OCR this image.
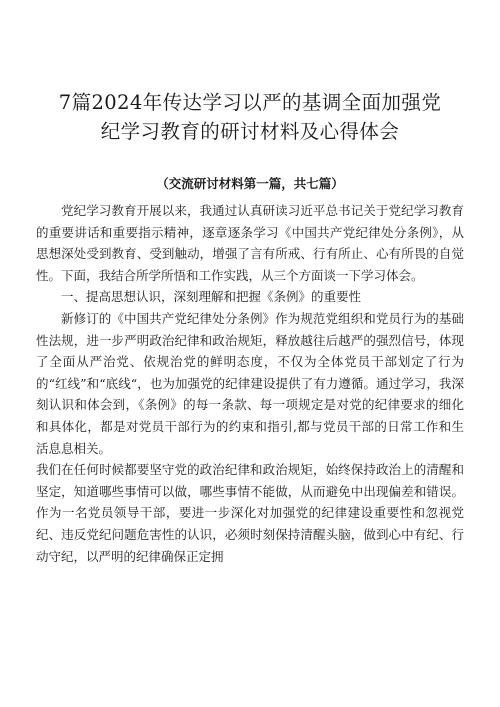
7篇2024年传达学习以严的基调全面加强党
纪学习教育的研讨材料及心得体会
（交流研讨材料第一篇，共七篇）

党纪学习教育开展以来，我通过认真研读习近平总书记关于党纪学习教育的重要讲话和重要指示精神，逐章逐条学习《中国共产党纪律处分条例》，从思想深处受到教育、受到触动，增强了言有所戒、行有所止、心有所畏的自觉性。下面，我结合所学所悟和工作实践，从三个方面谈一下学习体会。

一、提高思想认识，深刻理解和把握《条例》的重要性

新修订的《中国共产党纪律处分条例》作为规范党组织和党员行为的基础性法规，进一步严明政治纪律和政治规矩，释放越往后越严的强烈信号，体现了全面从严治党、依规治党的鲜明态度，不仅为全体党员干部划定了行为的“红线”和“底线“，也为加强党的纪律建设提供了有力遵循。通过学习，我深刻认识和体会到，《条例》的每一条款、每一项规定是对党的纪律要求的细化和具体化，都是对党员干部行为的约束和指引,都与党员干部的日常工作和生活息息相关。

我们在任何时候都要坚守党的政治纪律和政治规矩，始终保持政治上的清醒和坚定，知道哪些事情可以做，哪些事情不能做，从而避免中出现偏差和错误。作为一名党员领导干部，要进一步深化对加强党的纪律建设重要性和忽视党纪、违反党纪问题危害性的认识，必须时刻保持清醒头脑，做到心中有纪、行动守纪，以严明的纪律确保正定拥
